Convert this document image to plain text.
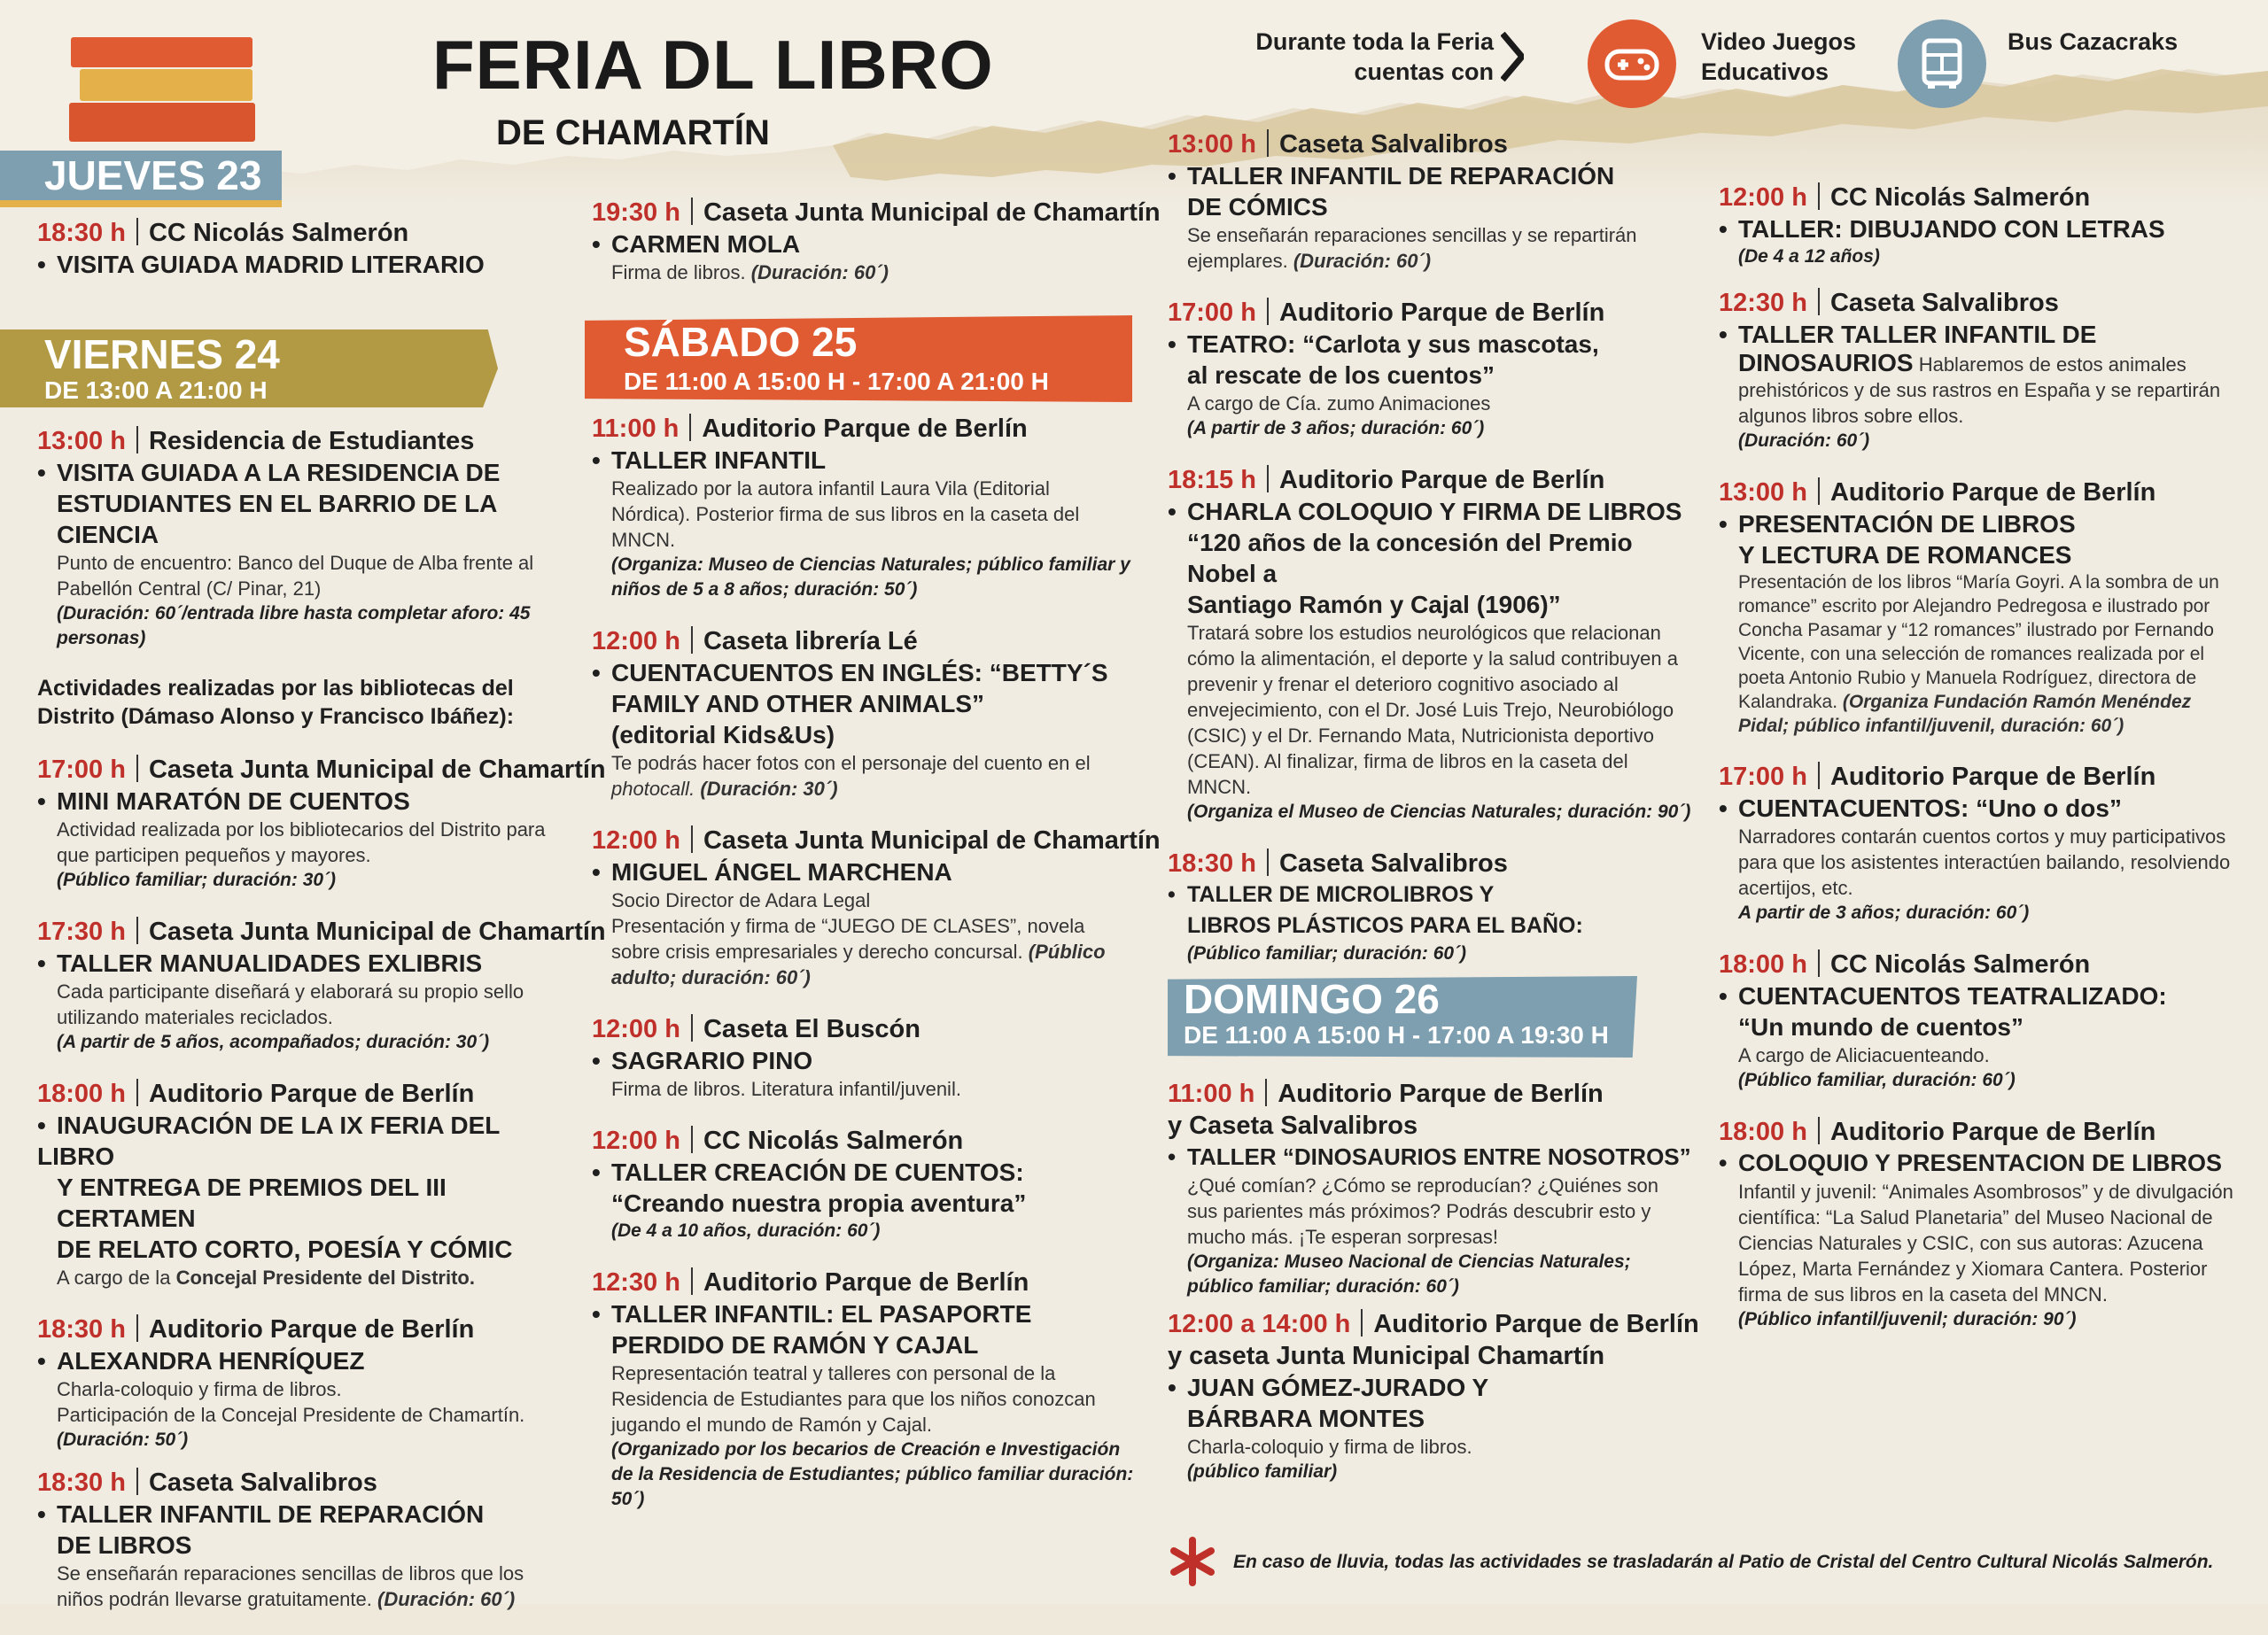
FERIA DL LIBRO
DE CHAMARTÍN
Durante toda la Feria cuentas con
Video Juegos Educativos
Bus Cazacraks
JUEVES 23
VIERNES 24
DE 13:00 A 21:00 H
SÁBADO 25
DE 11:00 A 15:00 H - 17:00 A 21:00 H
DOMINGO 26
DE 11:00 A 15:00 H - 17:00 A 19:30 H
18:30 h CC Nicolás Salmerón
• VISITA GUIADA MADRID LITERARIO
13:00 h Residencia de Estudiantes
• VISITA GUIADA A LA RESIDENCIA DE
ESTUDIANTES EN EL BARRIO DE LA CIENCIA
Punto de encuentro: Banco del Duque de Alba frente al Pabellón Central (C/ Pinar, 21)
(Duración: 60´/entrada libre hasta completar aforo: 45 personas)
Actividades realizadas por las bibliotecas del Distrito (Dámaso Alonso y Francisco Ibáñez):
17:00 h Caseta Junta Municipal de Chamartín
• MINI MARATÓN DE CUENTOS
Actividad realizada por los bibliotecarios del Distrito para que participen pequeños y mayores.
(Público familiar; duración: 30´)
17:30 h Caseta Junta Municipal de Chamartín
• TALLER MANUALIDADES EXLIBRIS
Cada participante diseñará y elaborará su propio sello utilizando materiales reciclados.
(A partir de 5 años, acompañados; duración: 30´)
18:00 h Auditorio Parque de Berlín
• INAUGURACIÓN DE LA IX FERIA DEL LIBRO
Y ENTREGA DE PREMIOS DEL III CERTAMEN
DE RELATO CORTO, POESÍA Y CÓMIC
A cargo de la Concejal Presidente del Distrito.
18:30 h Auditorio Parque de Berlín
• ALEXANDRA HENRÍQUEZ
Charla-coloquio y firma de libros.
Participación de la Concejal Presidente de Chamartín.
(Duración: 50´)
18:30 h Caseta Salvalibros
• TALLER INFANTIL DE REPARACIÓN
DE LIBROS
Se enseñarán reparaciones sencillas de libros que los niños podrán llevarse gratuitamente. (Duración: 60´)
19:30 h Caseta Junta Municipal de Chamartín
• CARMEN MOLA
Firma de libros. (Duración: 60´)
11:00 h Auditorio Parque de Berlín
• TALLER INFANTIL
Realizado por la autora infantil Laura Vila (Editorial Nórdica). Posterior firma de sus libros en la caseta del MNCN.
(Organiza: Museo de Ciencias Naturales; público familiar y niños de 5 a 8 años; duración: 50´)
12:00 h Caseta librería Lé
• CUENTACUENTOS EN INGLÉS: “BETTY´S
FAMILY AND OTHER ANIMALS”
(editorial Kids&Us)
Te podrás hacer fotos con el personaje del cuento en el photocall. (Duración: 30´)
12:00 h Caseta Junta Municipal de Chamartín
• MIGUEL ÁNGEL MARCHENA
Socio Director de Adara Legal
Presentación y firma de “JUEGO DE CLASES”, novela sobre crisis empresariales y derecho concursal. (Público adulto; duración: 60´)
12:00 h Caseta El Buscón
• SAGRARIO PINO
Firma de libros. Literatura infantil/juvenil.
12:00 h CC Nicolás Salmerón
• TALLER CREACIÓN DE CUENTOS:
“Creando nuestra propia aventura”
(De 4 a 10 años, duración: 60´)
12:30 h Auditorio Parque de Berlín
• TALLER INFANTIL: EL PASAPORTE
PERDIDO DE RAMÓN Y CAJAL
Representación teatral y talleres con personal de la Residencia de Estudiantes para que los niños conozcan jugando el mundo de Ramón y Cajal.
(Organizado por los becarios de Creación e Investigación de la Residencia de Estudiantes; público familiar duración: 50´)
13:00 h Caseta Salvalibros
• TALLER INFANTIL DE REPARACIÓN
DE CÓMICS
Se enseñarán reparaciones sencillas y se repartirán ejemplares. (Duración: 60´)
17:00 h Auditorio Parque de Berlín
• TEATRO: “Carlota y sus mascotas,
al rescate de los cuentos”
A cargo de Cía. zumo Animaciones
(A partir de 3 años; duración: 60´)
18:15 h Auditorio Parque de Berlín
• CHARLA COLOQUIO Y FIRMA DE LIBROS
“120 años de la concesión del Premio Nobel a
Santiago Ramón y Cajal (1906)”
Tratará sobre los estudios neurológicos que relacionan cómo la alimentación, el deporte y la salud contribuyen a prevenir y frenar el deterioro cognitivo asociado al envejecimiento, con el Dr. José Luis Trejo, Neurobiólogo (CSIC) y el Dr. Fernando Mata, Nutricionista deportivo (CEAN). Al finalizar, firma de libros en la caseta del MNCN.
(Organiza el Museo de Ciencias Naturales; duración: 90´)
18:30 h Caseta Salvalibros
• TALLER DE MICROLIBROS Y
LIBROS PLÁSTICOS PARA EL BAÑO:
(Público familiar; duración: 60´)
11:00 h Auditorio Parque de Berlín
y Caseta Salvalibros
• TALLER “DINOSAURIOS ENTRE NOSOTROS”
¿Qué comían? ¿Cómo se reproducían? ¿Quiénes son sus parientes más próximos? Podrás descubrir esto y mucho más. ¡Te esperan sorpresas!
(Organiza: Museo Nacional de Ciencias Naturales; público familiar; duración: 60´)
12:00 a 14:00 h Auditorio Parque de Berlín
y caseta Junta Municipal Chamartín
• JUAN GÓMEZ-JURADO Y
BÁRBARA MONTES
Charla-coloquio y firma de libros.
(público familiar)
12:00 h CC Nicolás Salmerón
• TALLER: DIBUJANDO CON LETRAS
(De 4 a 12 años)
12:30 h Caseta Salvalibros
• TALLER TALLER INFANTIL DE
DINOSAURIOS Hablaremos de estos animales prehistóricos y de sus rastros en España y se repartirán algunos libros sobre ellos.
(Duración: 60´)
13:00 h Auditorio Parque de Berlín
• PRESENTACIÓN DE LIBROS
Y LECTURA DE ROMANCES
Presentación de los libros “María Goyri. A la sombra de un romance” escrito por Alejandro Pedregosa e ilustrado por Concha Pasamar y “12 romances” ilustrado por Fernando Vicente, con una selección de romances realizada por el poeta Antonio Rubio y Manuela Rodríguez, directora de Kalandraka. (Organiza Fundación Ramón Menéndez Pidal; público infantil/juvenil, duración: 60´)
17:00 h Auditorio Parque de Berlín
• CUENTACUENTOS: “Uno o dos”
Narradores contarán cuentos cortos y muy participativos para que los asistentes interactúen bailando, resolviendo acertijos, etc.
A partir de 3 años; duración: 60´)
18:00 h CC Nicolás Salmerón
• CUENTACUENTOS TEATRALIZADO:
“Un mundo de cuentos”
A cargo de Aliciacuenteando.
(Público familiar, duración: 60´)
18:00 h Auditorio Parque de Berlín
• COLOQUIO Y PRESENTACION DE LIBROS
Infantil y juvenil: “Animales Asombrosos” y de divulgación científica: “La Salud Planetaria” del Museo Nacional de Ciencias Naturales y CSIC, con sus autoras: Azucena López, Marta Fernández y Xiomara Cantera. Posterior firma de sus libros en la caseta del MNCN.
(Público infantil/juvenil; duración: 90´)
En caso de lluvia, todas las actividades se trasladarán al Patio de Cristal del Centro Cultural Nicolás Salmerón.
